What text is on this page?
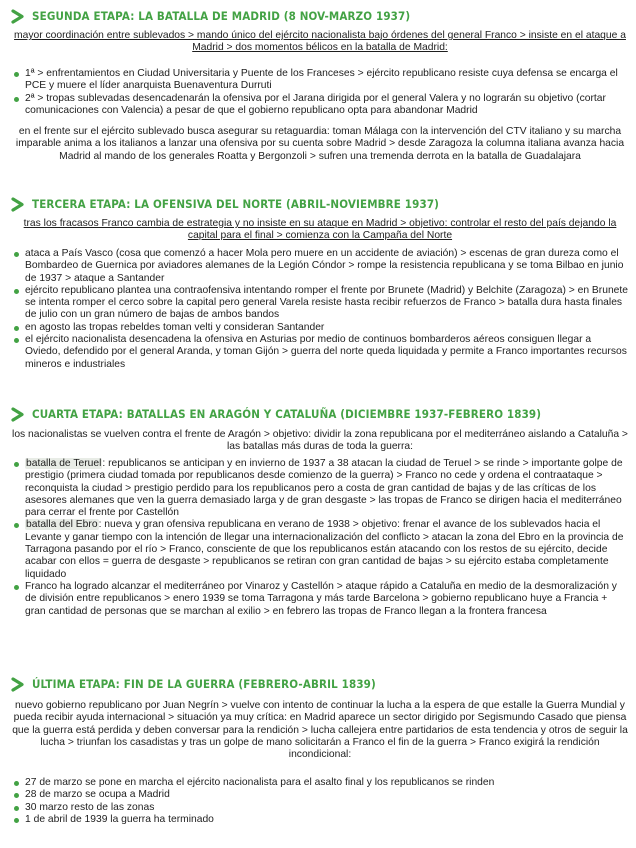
SEGUNDA ETAPA: LA BATALLA DE MADRID (8 NOV-MARZO 1937)

mayor coordinación entre sublevados > mando único del ejército nacionalista bajo órdenes del general Franco > insiste en el ataque a Madrid > dos momentos bélicos en la batalla de Madrid:

1ª > enfrentamientos en Ciudad Universitaria y Puente de los Franceses > ejército republicano resiste cuya defensa se encarga el PCE y muere el líder anarquista Buenaventura Durruti
2ª > tropas sublevadas desencadenarán la ofensiva por el Jarana dirigida por el general Valera y no lograrán su objetivo (cortar comunicaciones con Valencia) a pesar de que el gobierno republicano opta para abandonar Madrid

en el frente sur el ejército sublevado busca asegurar su retaguardia: toman Málaga con la intervención del CTV italiano y su marcha imparable anima a los italianos a lanzar una ofensiva por su cuenta sobre Madrid > desde Zaragoza la columna italiana avanza hacia Madrid al mando de los generales Roatta y Bergonzoli > sufren una tremenda derrota en la batalla de Guadalajara

TERCERA ETAPA: LA OFENSIVA DEL NORTE (ABRIL-NOVIEMBRE 1937)

tras los fracasos Franco cambia de estrategia y no insiste en su ataque en Madrid > objetivo: controlar el resto del país dejando la capital para el final > comienza con la Campaña del Norte

ataca a País Vasco (cosa que comenzó a hacer Mola pero muere en un accidente de aviación) > escenas de gran dureza como el Bombardeo de Guernica por aviadores alemanes de la Legión Cóndor > rompe la resistencia republicana y se toma Bilbao en junio de 1937 > ataque a Santander
ejército republicano plantea una contraofensiva intentando romper el frente por Brunete (Madrid) y Belchite (Zaragoza) > en Brunete se intenta romper el cerco sobre la capital pero general Varela resiste hasta recibir refuerzos de Franco > batalla dura hasta finales de julio con un gran número de bajas de ambos bandos
en agosto las tropas rebeldes toman velti y consideran Santander
el ejército nacionalista desencadena la ofensiva en Asturias por medio de continuos bombarderos aéreos consiguen llegar a Oviedo, defendido por el general Aranda, y toman Gijón > guerra del norte queda liquidada y permite a Franco importantes recursos mineros e industriales
CUARTA ETAPA: BATALLAS EN ARAGÓN Y CATALUÑA (DICIEMBRE 1937-FEBRERO 1839)

los nacionalistas se vuelven contra el frente de Aragón > objetivo: dividir la zona republicana por el mediterráneo aislando a Cataluña > las batallas más duras de toda la guerra:

batalla de Teruel: republicanos se anticipan y en invierno de 1937 a 38 atacan la ciudad de Teruel > se rinde > importante golpe de prestigio (primera ciudad tomada por republicanos desde comienzo de la guerra) > Franco no cede y ordena el contraataque > reconquista la ciudad > prestigio perdido para los republicanos pero a costa de gran cantidad de bajas y de las críticas de los asesores alemanes que ven la guerra demasiado larga y de gran desgaste > las tropas de Franco se dirigen hacia el mediterráneo para cerrar el frente por Castellón
batalla del Ebro: nueva y gran ofensiva republicana en verano de 1938 > objetivo: frenar el avance de los sublevados hacia el Levante y ganar tiempo con la intención de llegar una internacionalización del conflicto > atacan la zona del Ebro en la provincia de Tarragona pasando por el río > Franco, consciente de que los republicanos están atacando con los restos de su ejército, decide acabar con ellos = guerra de desgaste > republicanos se retiran con gran cantidad de bajas > su ejército estaba completamente liquidado
Franco ha logrado alcanzar el mediterráneo por Vinaroz y Castellón > ataque rápido a Cataluña en medio de la desmoralización y de división entre republicanos > enero 1939 se toma Tarragona y más tarde Barcelona > gobierno republicano huye a Francia + gran cantidad de personas que se marchan al exilio > en febrero las tropas de Franco llegan a la frontera francesa
ÚLTIMA ETAPA: FIN DE LA GUERRA (FEBRERO-ABRIL 1839)

nuevo gobierno republicano por Juan Negrín > vuelve con intento de continuar la lucha a la espera de que estalle la Guerra Mundial y pueda recibir ayuda internacional > situación ya muy crítica: en Madrid aparece un sector dirigido por Segismundo Casado que piensa que la guerra está perdida y deben conversar para la rendición > lucha callejera entre partidarios de esta tendencia y otros de seguir la lucha > triunfan los casadistas y tras un golpe de mano solicitarán a Franco el fin de la guerra > Franco exigirá la rendición incondicional:

27 de marzo se pone en marcha el ejército nacionalista para el asalto final y los republicanos se rinden
28 de marzo se ocupa a Madrid
30 marzo resto de las zonas
1 de abril de 1939 la guerra ha terminado
